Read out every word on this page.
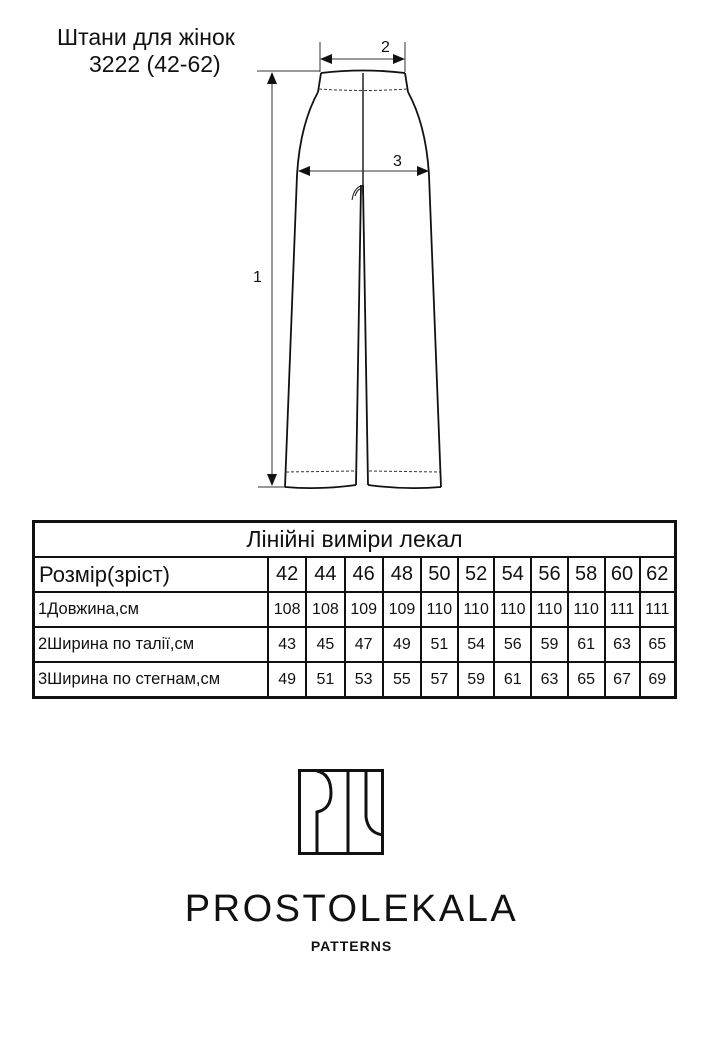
Штани для жінок
3222 (42-62)
2
3
1
Лінійні виміри лекал											
Розмір(зріст)	42	44	46	48	50	52	54	56	58	60	62
1Довжина,см	108	108	109	109	110	110	110	110	110	111	111
2Ширина по талії,см	43	45	47	49	51	54	56	59	61	63	65
3Ширина по стегнам,см	49	51	53	55	57	59	61	63	65	67	69
PROSTOLEKALA
PATTERNS
